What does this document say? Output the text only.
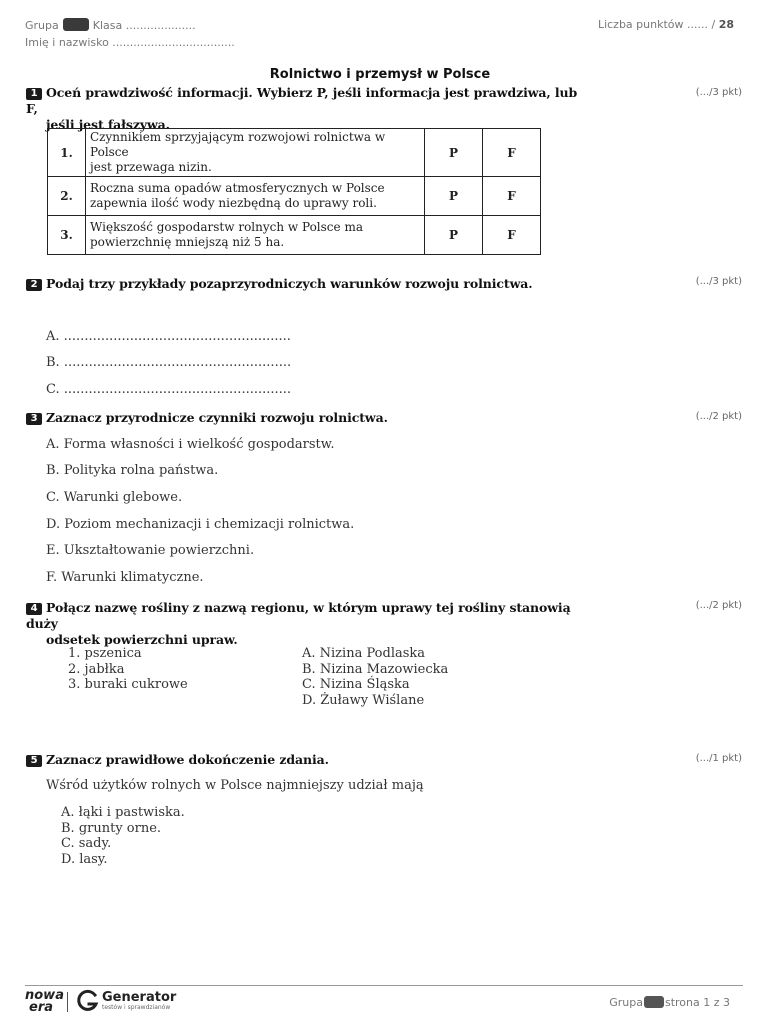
Grupa	Klasa ....................
Imię i nazwisko ...................................
Liczba punktów ...... / 28
Rolnictwo i przemysł w Polsce
1 Oceń prawdziwość informacji. Wybierz P, jeśli informacja jest prawdziwa, lub F,
jeśli jest fałszywa.
(.../3 pkt)
1.	Czynnikiem sprzyjającym rozwojowi rolnictwa w Polsce
jest przewaga nizin.	P	F
2.	Roczna suma opadów atmosferycznych w Polsce
zapewnia ilość wody niezbędną do uprawy roli.	P	F
3.	Większość gospodarstw rolnych w Polsce ma
powierzchnię mniejszą niż 5 ha.	P	F
2 Podaj trzy przykłady pozaprzyrodniczych warunków rozwoju rolnictwa.	(.../3 pkt)
A. .......................................................
B. .......................................................
C. .......................................................
3 Zaznacz przyrodnicze czynniki rozwoju rolnictwa.	(.../2 pkt)
A. Forma własności i wielkość gospodarstw.
B. Polityka rolna państwa.
C. Warunki glebowe.
D. Poziom mechanizacji i chemizacji rolnictwa.
E. Ukształtowanie powierzchni.
F. Warunki klimatyczne.
4 Połącz nazwę rośliny z nazwą regionu, w którym uprawy tej rośliny stanowią duży
odsetek powierzchni upraw.
(.../2 pkt)
1. pszenica
2. jabłka
3. buraki cukrowe
A. Nizina Podlaska
B. Nizina Mazowiecka
C. Nizina Śląska
D. Żuławy Wiślane
5 Zaznacz prawidłowe dokończenie zdania.	(.../1 pkt)
Wśród użytków rolnych w Polsce najmniejszy udział mają
A. łąki i pastwiska.
B. grunty orne.
C. sady.
D. lasy.
nowa
era
Generator
testów i sprawdzianów	Grupa strona 1 z 3
